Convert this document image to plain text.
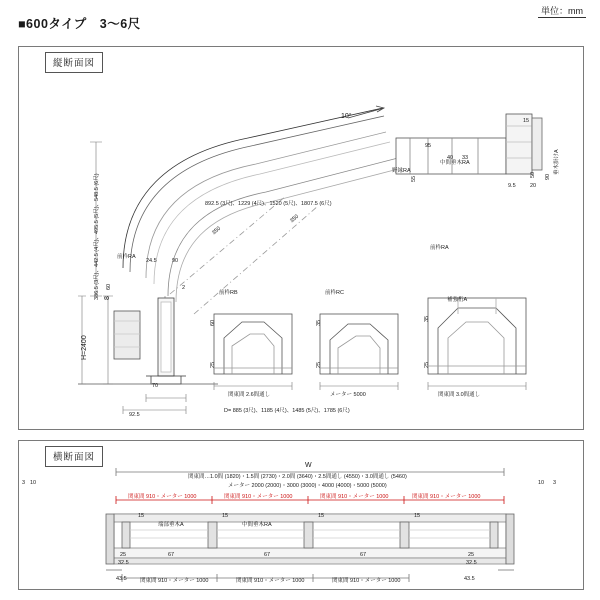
■600タイプ　3〜6尺
単位：mm
縦断面図
10°
386.5 (3尺)、442.5 (4尺)、495.5 (5尺)、548.5 (6尺) 8
H=2400
892.5 (3尺)、1229 (4尺)、1520 (5尺)、1807.5 (6尺)
350
350
24.5	90
2
60
70
92.5
95
15
40 33
55
50 90
9.5	20
前枠RA
野縁RA
中間垂木RA
前枠RA
垂木掛けA
前枠RB	前枠RC
補強桁A
60
25
35
25
35
25
関東間 2.6間通し	メーター 5000	関東間 3.0間通し
D= 885 (3尺)、1185 (4尺)、1485 (5尺)、1785 (6尺)
横断面図
W
関東間…1.0間 (1820)・1.5間 (2730)・2.0間 (3640)・2.5間通し (4550)・3.0間通し (5460)
メーター 2000 (2000)・3000 (3000)・4000 (4000)・5000 (5000)
関東間 910・メーター 1000	関東間 910・メーター 1000	関東間 910・メーター 1000	関東間 910・メーター 1000
3 10	10 3
15	15	15	15
端部垂木A	中間垂木RA
67	67	67
32.5	32.5
25	25
43.5	43.5
関東間 910・メーター 1000	関東間 910・メーター 1000	関東間 910・メーター 1000
